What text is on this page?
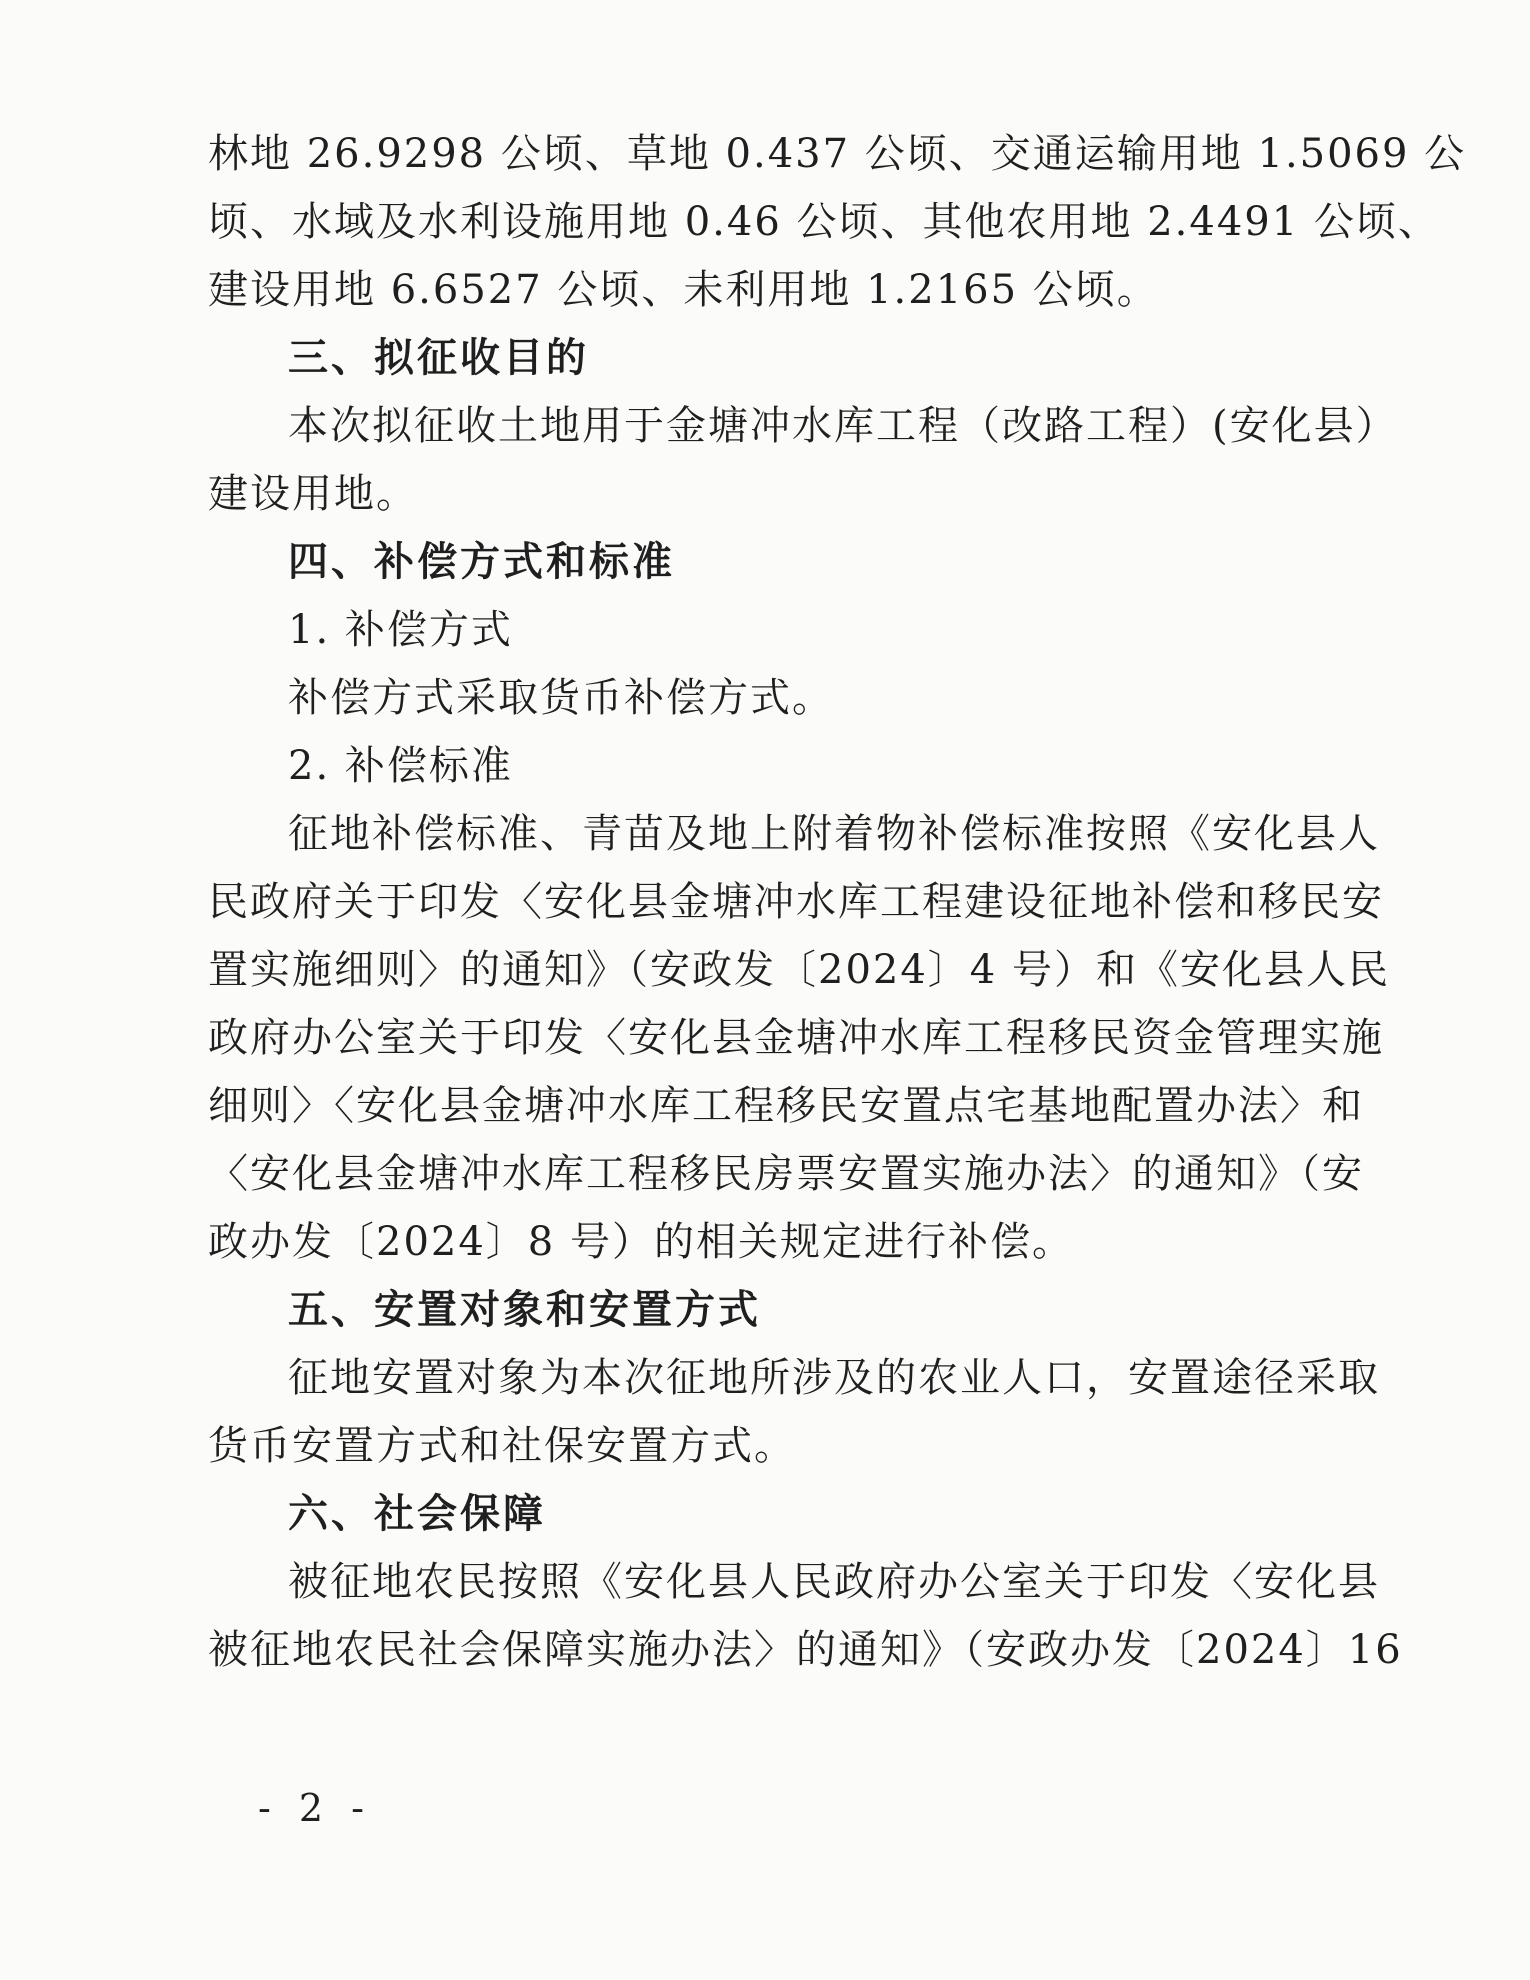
林地 26.9298 公顷、草地 0.437 公顷、交通运输用地 1.5069 公
顷、水域及水利设施用地 0.46 公顷、其他农用地 2.4491 公顷、
建设用地 6.6527 公顷、未利用地 1.2165 公顷。
三、拟征收目的
本次拟征收土地用于金塘冲水库工程（改路工程）(安化县）
建设用地。
四、补偿方式和标准
1. 补偿方式
补偿方式采取货币补偿方式。
2. 补偿标准
征地补偿标准、青苗及地上附着物补偿标准按照《安化县人
民政府关于印发〈安化县金塘冲水库工程建设征地补偿和移民安
置实施细则〉的通知》（安政发〔2024〕4 号）和《安化县人民
政府办公室关于印发〈安化县金塘冲水库工程移民资金管理实施
细则〉〈安化县金塘冲水库工程移民安置点宅基地配置办法〉和
〈安化县金塘冲水库工程移民房票安置实施办法〉的通知》（安
政办发〔2024〕8 号）的相关规定进行补偿。
五、安置对象和安置方式
征地安置对象为本次征地所涉及的农业人口，安置途径采取
货币安置方式和社保安置方式。
六、社会保障
被征地农民按照《安化县人民政府办公室关于印发〈安化县
被征地农民社会保障实施办法〉的通知》（安政办发〔2024〕16
- 2 -
